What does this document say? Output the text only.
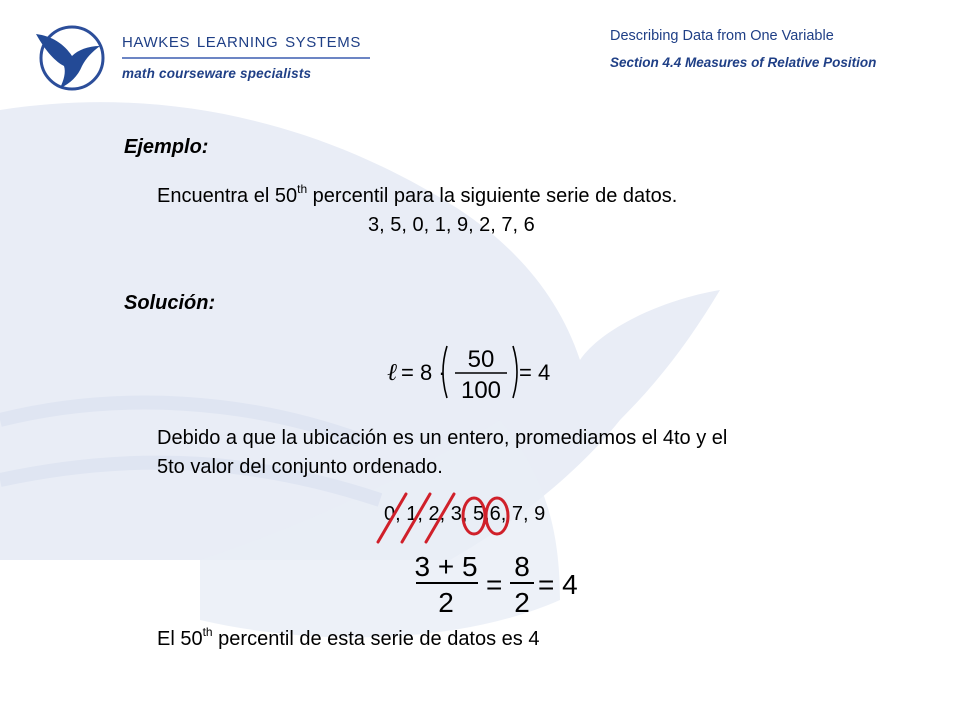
HAWKES LEARNING SYSTEMS
math courseware specialists
Describing Data from One Variable
Section 4.4 Measures of Relative Position
Ejemplo:
Encuentra el 50th percentil para la siguiente serie de datos.
3, 5, 0, 1, 9, 2, 7, 6
Solución:
ℓ = 8 · 50
100
= 4
Debido a que la ubicación es un entero, promediamos el 4to y el
5to valor del conjunto ordenado.
0, 1, 2, 3, 5,6, 7, 9
3 + 5
2
=
8
2
= 4
El 50th percentil de esta serie de datos es 4
